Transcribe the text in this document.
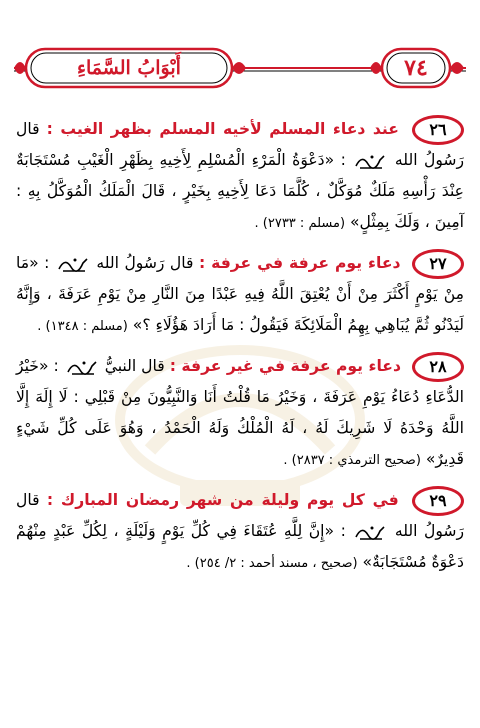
أَبْوَابُ السَّمَاءِ	٧٤
٢٦ عند دعاء المسلم لأخيه المسلم بظهر الغيب : قال رَسُولُ الله  : «دَعْوَةُ الْمَرْءِ الْمُسْلِمِ لِأَخِيهِ بِظَهْرِ الْغَيْبِ مُسْتَجَابَةٌ عِنْدَ رَأْسِهِ مَلَكٌ مُوَكَّلٌ ، كُلَّمَا دَعَا لِأَخِيهِ بِخَيْرٍ ، قَالَ الْمَلَكُ الْمُوَكَّلُ بِهِ : آمِينَ ، وَلَكَ بِمِثْلٍ» (مسلم : ٢٧٣٣) .
٢٧ دعاء يوم عرفة في عرفة : قال رَسُولُ الله  : «مَا مِنْ يَوْمٍ أَكْثَرَ مِنْ أَنْ يُعْتِقَ اللَّهُ فِيهِ عَبْدًا مِنَ النَّارِ مِنْ يَوْمِ عَرَفَةَ ، وَإِنَّهُ لَيَدْنُو ثُمَّ يُبَاهِي بِهِمُ الْمَلَائِكَةَ فَيَقُولُ : مَا أَرَادَ هَؤُلَاءِ ؟» (مسلم : ١٣٤٨) .
٢٨ دعاء يوم عرفة في غير عرفة : قال النبيُّ  : «خَيْرُ الدُّعَاءِ دُعَاءُ يَوْمِ عَرَفَةَ ، وَخَيْرُ مَا قُلْتُ أَنَا وَالنَّبِيُّونَ مِنْ قَبْلِي : لَا إِلَهَ إِلَّا اللَّهُ وَحْدَهُ لَا شَرِيكَ لَهُ ، لَهُ الْمُلْكُ وَلَهُ الْحَمْدُ ، وَهُوَ عَلَى كُلِّ شَيْءٍ قَدِيرٌ» (صحيح الترمذي : ٢٨٣٧) .
٢٩ في كل يوم وليلة من شهر رمضان المبارك : قال رَسُولُ الله  : «إِنَّ لِلَّهِ عُتَقَاءَ فِي كُلِّ يَوْمٍ وَلَيْلَةٍ ، لِكُلِّ عَبْدٍ مِنْهُمْ دَعْوَةٌ مُسْتَجَابَةٌ» (صحيح ، مسند أحمد : ٢/ ٢٥٤) .
